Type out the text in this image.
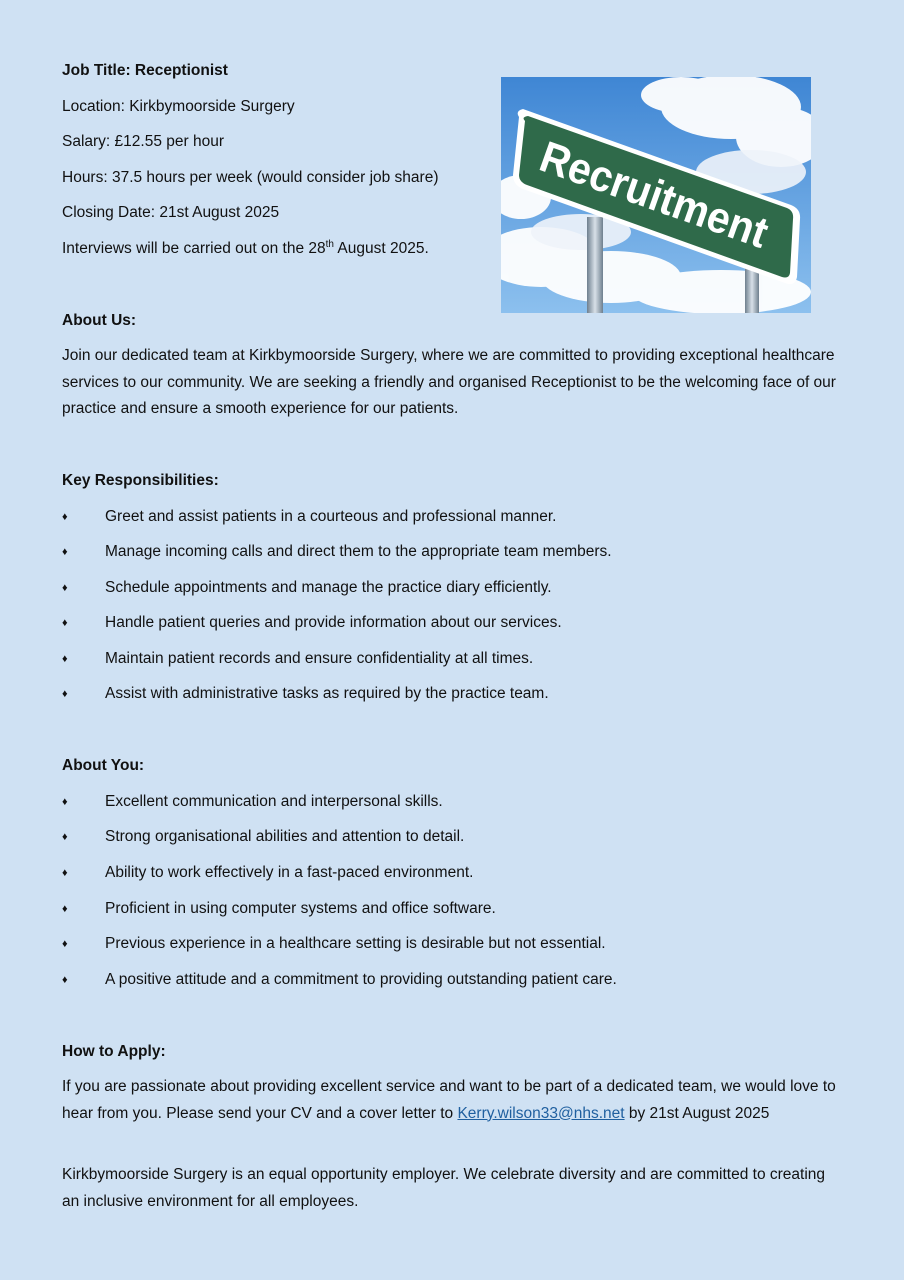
Job Title: Receptionist
Location: Kirkbymoorside Surgery
Salary: £12.55 per hour
Hours: 37.5 hours per week (would consider job share)
Closing Date: 21st August 2025
Interviews will be carried out on the 28th August 2025. Recruitment
About Us:
Join our dedicated team at Kirkbymoorside Surgery, where we are committed to providing exceptional healthcare services to our community. We are seeking a friendly and organised Receptionist to be the welcoming face of our practice and ensure a smooth experience for our patients.
Key Responsibilities:
♦ Greet and assist patients in a courteous and professional manner.
♦ Manage incoming calls and direct them to the appropriate team members.
♦ Schedule appointments and manage the practice diary efficiently.
♦ Handle patient queries and provide information about our services.
♦ Maintain patient records and ensure confidentiality at all times.
♦ Assist with administrative tasks as required by the practice team.
About You:
♦ Excellent communication and interpersonal skills.
♦ Strong organisational abilities and attention to detail.
♦ Ability to work effectively in a fast-paced environment.
♦ Proficient in using computer systems and office software.
♦ Previous experience in a healthcare setting is desirable but not essential.
♦ A positive attitude and a commitment to providing outstanding patient care.
How to Apply:
If you are passionate about providing excellent service and want to be part of a dedicated team, we would love to hear from you. Please send your CV and a cover letter to Kerry.wilson33@nhs.net by 21st August 2025
Kirkbymoorside Surgery is an equal opportunity employer. We celebrate diversity and are committed to creating an inclusive environment for all employees.
